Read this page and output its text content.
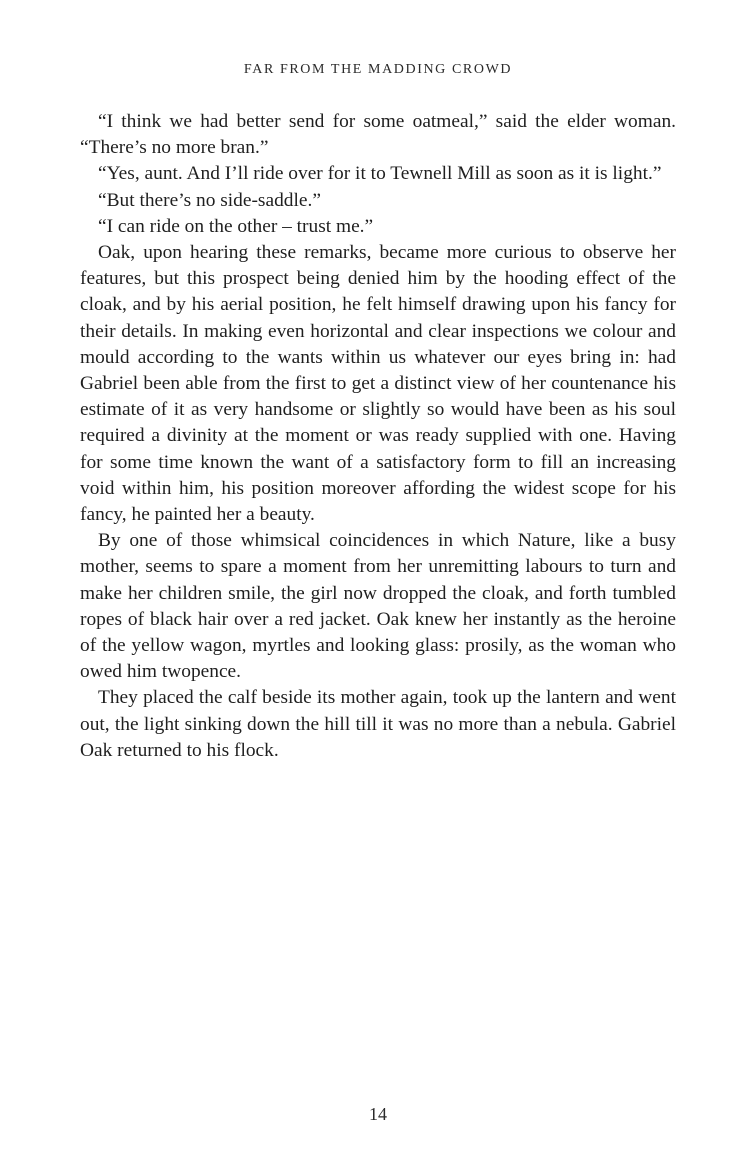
FAR FROM THE MADDING CROWD

“I think we had better send for some oatmeal,” said the elder woman. “There’s no more bran.”

“Yes, aunt. And I’ll ride over for it to Tewnell Mill as soon as it is light.”

“But there’s no side-saddle.”

“I can ride on the other – trust me.”

Oak, upon hearing these remarks, became more curious to observe her features, but this prospect being denied him by the hooding effect of the cloak, and by his aerial position, he felt himself drawing upon his fancy for their details. In making even horizontal and clear inspections we colour and mould according to the wants within us whatever our eyes bring in: had Gabriel been able from the first to get a distinct view of her countenance his estimate of it as very handsome or slightly so would have been as his soul required a divinity at the moment or was ready supplied with one. Having for some time known the want of a satisfactory form to fill an increasing void within him, his position moreover affording the widest scope for his fancy, he painted her a beauty.

By one of those whimsical coincidences in which Nature, like a busy mother, seems to spare a moment from her unremitting labours to turn and make her children smile, the girl now dropped the cloak, and forth tumbled ropes of black hair over a red jacket. Oak knew her instantly as the heroine of the yellow wagon, myrtles and looking glass: prosily, as the woman who owed him twopence.

They placed the calf beside its mother again, took up the lantern and went out, the light sinking down the hill till it was no more than a nebula. Gabriel Oak returned to his flock.

14
